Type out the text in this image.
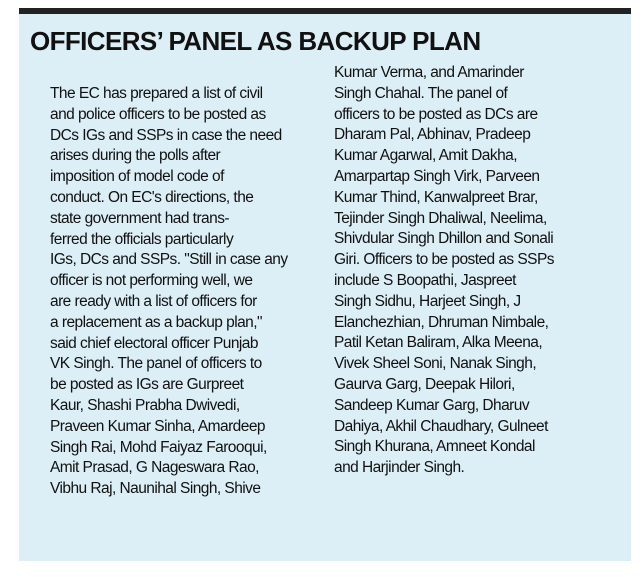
OFFICERS’ PANEL AS BACKUP PLAN
The EC has prepared a list of civil
and police officers to be posted as
DCs IGs and SSPs in case the need
arises during the polls after
imposition of model code of
conduct. On EC's directions, the
state government had trans-
ferred the officials particularly
IGs, DCs and SSPs. "Still in case any
officer is not performing well, we
are ready with a list of officers for
a replacement as a backup plan,"
said chief electoral officer Punjab
VK Singh. The panel of officers to
be posted as IGs are Gurpreet
Kaur, Shashi Prabha Dwivedi,
Praveen Kumar Sinha, Amardeep
Singh Rai, Mohd Faiyaz Farooqui,
Amit Prasad, G Nageswara Rao,
Vibhu Raj, Naunihal Singh, Shive
Kumar Verma, and Amarinder
Singh Chahal. The panel of
officers to be posted as DCs are
Dharam Pal, Abhinav, Pradeep
Kumar Agarwal, Amit Dakha,
Amarpartap Singh Virk, Parveen
Kumar Thind, Kanwalpreet Brar,
Tejinder Singh Dhaliwal, Neelima,
Shivdular Singh Dhillon and Sonali
Giri. Officers to be posted as SSPs
include S Boopathi, Jaspreet
Singh Sidhu, Harjeet Singh, J
Elanchezhian, Dhruman Nimbale,
Patil Ketan Baliram, Alka Meena,
Vivek Sheel Soni, Nanak Singh,
Gaurva Garg, Deepak Hilori,
Sandeep Kumar Garg, Dharuv
Dahiya, Akhil Chaudhary, Gulneet
Singh Khurana, Amneet Kondal
and Harjinder Singh.
